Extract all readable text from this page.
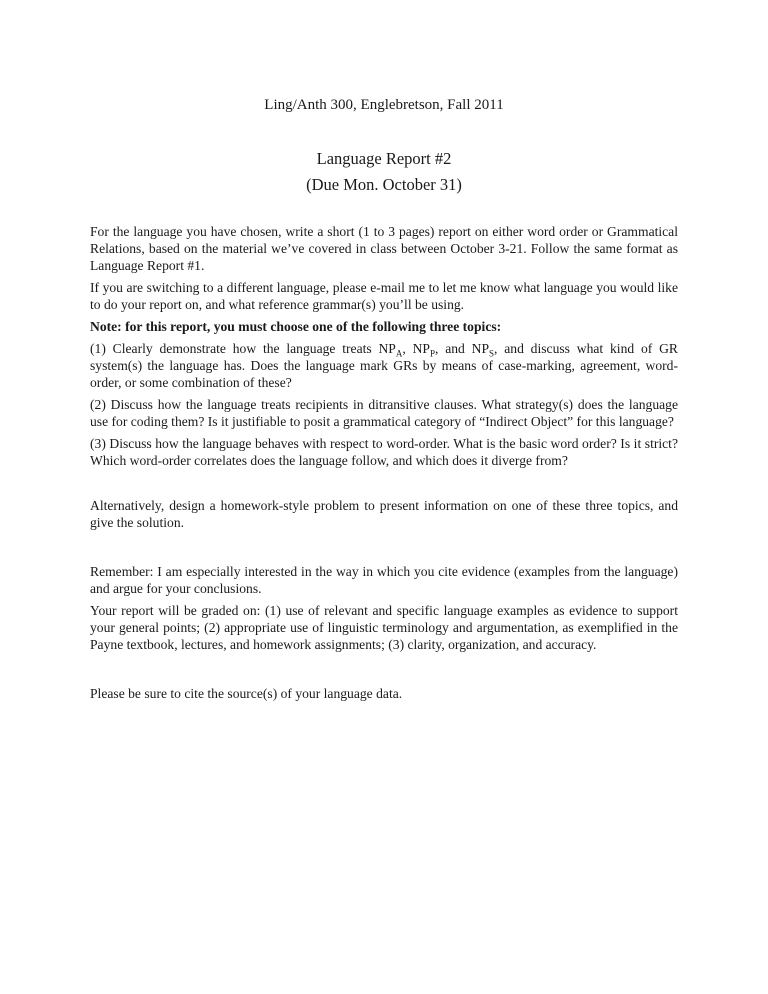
Ling/Anth 300, Englebretson, Fall 2011
Language Report #2
(Due Mon. October 31)

For the language you have chosen, write a short (1 to 3 pages) report on either word order or Grammatical Relations, based on the material we’ve covered in class between October 3-21. Follow the same format as Language Report #1.

If you are switching to a different language, please e-mail me to let me know what language you would like to do your report on, and what reference grammar(s) you’ll be using.

Note: for this report, you must choose one of the following three topics:

(1) Clearly demonstrate how the language treats $NP_A$, $NP_P$, and $NP_S$, and discuss what kind of GR system(s) the language has. Does the language mark GRs by means of case-marking, agreement, word-order, or some combination of these?

(2) Discuss how the language treats recipients in ditransitive clauses. What strategy(s) does the language use for coding them? Is it justifiable to posit a grammatical category of “Indirect Object” for this language?

(3) Discuss how the language behaves with respect to word-order. What is the basic word order? Is it strict? Which word-order correlates does the language follow, and which does it diverge from?

Alternatively, design a homework-style problem to present information on one of these three topics, and give the solution.

Remember: I am especially interested in the way in which you cite evidence (examples from the language) and argue for your conclusions.

Your report will be graded on: (1) use of relevant and specific language examples as evidence to support your general points; (2) appropriate use of linguistic terminology and argumentation, as exemplified in the Payne textbook, lectures, and homework assignments; (3) clarity, organization, and accuracy.

Please be sure to cite the source(s) of your language data.
